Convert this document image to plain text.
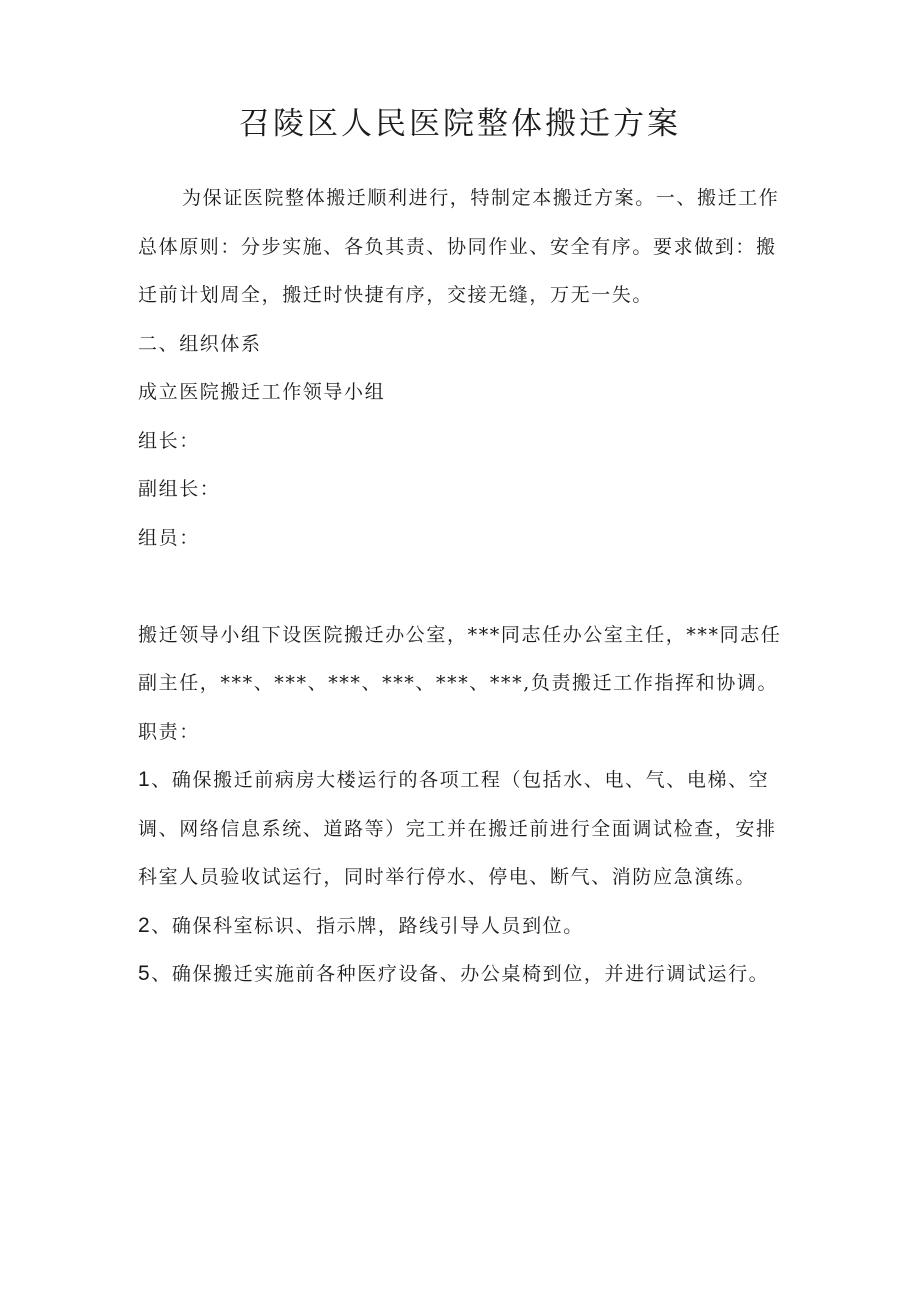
召陵区人民医院整体搬迁方案

为保证医院整体搬迁顺利进行，特制定本搬迁方案。一、搬迁工作总体原则：分步实施、各负其责、协同作业、安全有序。要求做到：搬迁前计划周全，搬迁时快捷有序，交接无缝，万无一失。

二、组织体系

成立医院搬迁工作领导小组

组长：

副组长：

组员：

搬迁领导小组下设医院搬迁办公室，***同志任办公室主任，***同志任副主任，***、***、***、***、***、***,负责搬迁工作指挥和协调。

职责：

1、确保搬迁前病房大楼运行的各项工程（包括水、电、气、电梯、空调、网络信息系统、道路等）完工并在搬迁前进行全面调试检查，安排科室人员验收试运行，同时举行停水、停电、断气、消防应急演练。

2、确保科室标识、指示牌，路线引导人员到位。

5、确保搬迁实施前各种医疗设备、办公桌椅到位，并进行调试运行。
